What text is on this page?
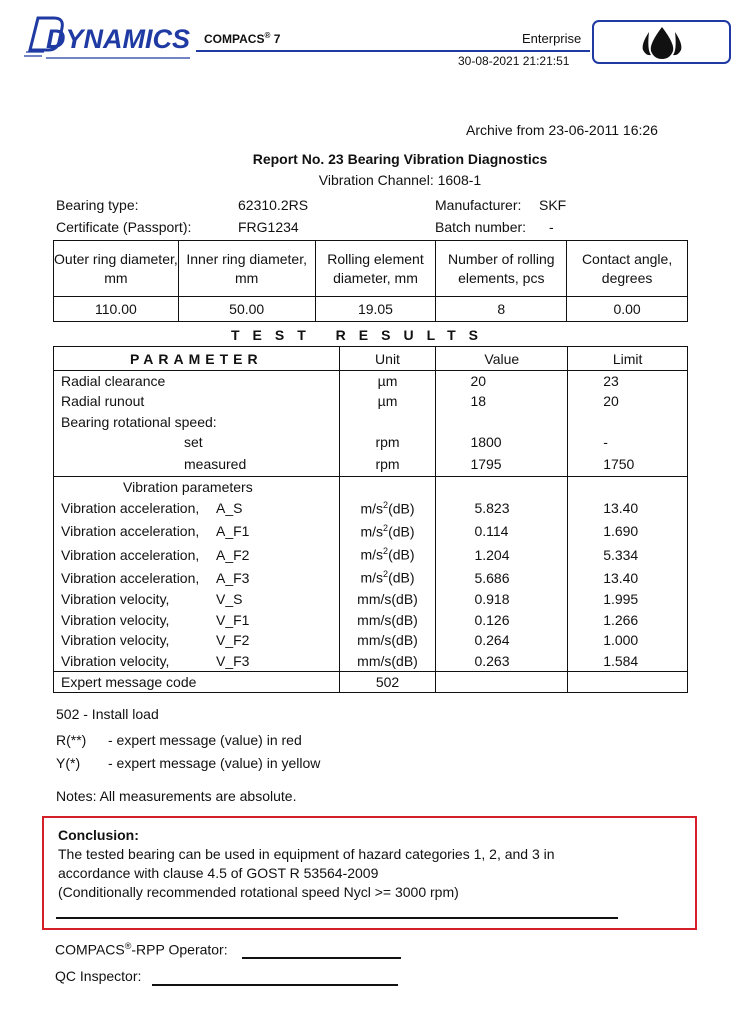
DYNAMICS COMPACS® 7	Enterprise
30-08-2021 21:21:51
Archive from 23-06-2011 16:26
Report No. 23 Bearing Vibration Diagnostics
Vibration Channel: 1608-1
Bearing type:	62310.2RS	Manufacturer: SKF
Certificate (Passport):	FRG1234	Batch number: -
Outer ring diameter, mm	Inner ring diameter, mm	Rolling element diameter, mm	Number of rolling elements, pcs	Contact angle, degrees
110.00	50.00	19.05	8	0.00
TEST RESULTS
PARAMETER	Unit	Value	Limit
Radial clearance	µm	20	23
Radial runout	µm	18	20
Bearing rotational speed:			
set	rpm	1800	-
measured	rpm	1795	1750
Vibration parameters			
Vibration acceleration, A_S	$m/s^2(dB)$	5.823	13.40
Vibration acceleration, A_F1	$m/s^2(dB)$	0.114	1.690
Vibration acceleration, A_F2	$m/s^2(dB)$	1.204	5.334
Vibration acceleration, A_F3	$m/s^2(dB)$	5.686	13.40
Vibration velocity, V_S	mm/s(dB)	0.918	1.995
Vibration velocity, V_F1	mm/s(dB)	0.126	1.266
Vibration velocity, V_F2	mm/s(dB)	0.264	1.000
Vibration velocity, V_F3	mm/s(dB)	0.263	1.584
Expert message code	502		
502 - Install load
R(**) - expert message (value) in red
Y(*) - expert message (value) in yellow
Notes: All measurements are absolute.
Conclusion:
The tested bearing can be used in equipment of hazard categories 1, 2, and 3 in
accordance with clause 4.5 of GOST R 53564-2009
(Conditionally recommended rotational speed Nycl >= 3000 rpm)
COMPACS®-RPP Operator:
QC Inspector:
